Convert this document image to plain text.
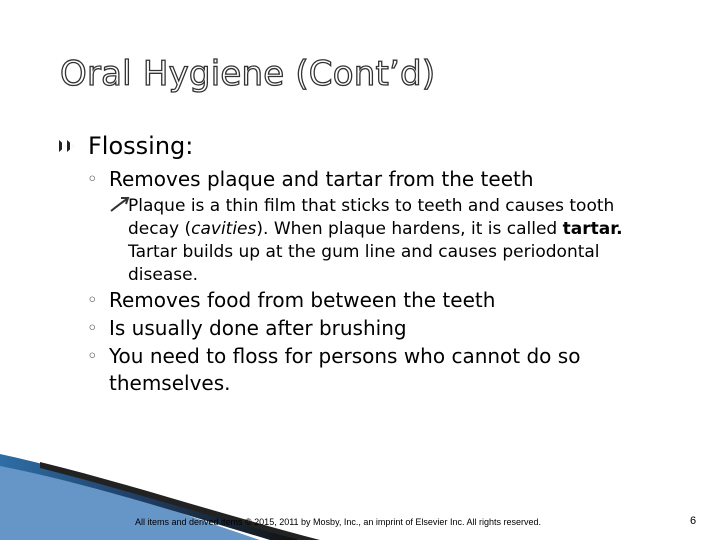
Oral Hygiene (Cont’d)
Flossing:
◦ Removes plaque and tartar from the teeth
Plaque is a thin film that sticks to teeth and causes tooth decay (cavities). When plaque hardens, it is called tartar. Tartar builds up at the gum line and causes periodontal disease.
◦ Removes food from between the teeth
◦ Is usually done after brushing
◦ You need to floss for persons who cannot do so themselves.
All items and derived items © 2015, 2011 by Mosby, Inc., an imprint of Elsevier Inc. All rights reserved.	6
